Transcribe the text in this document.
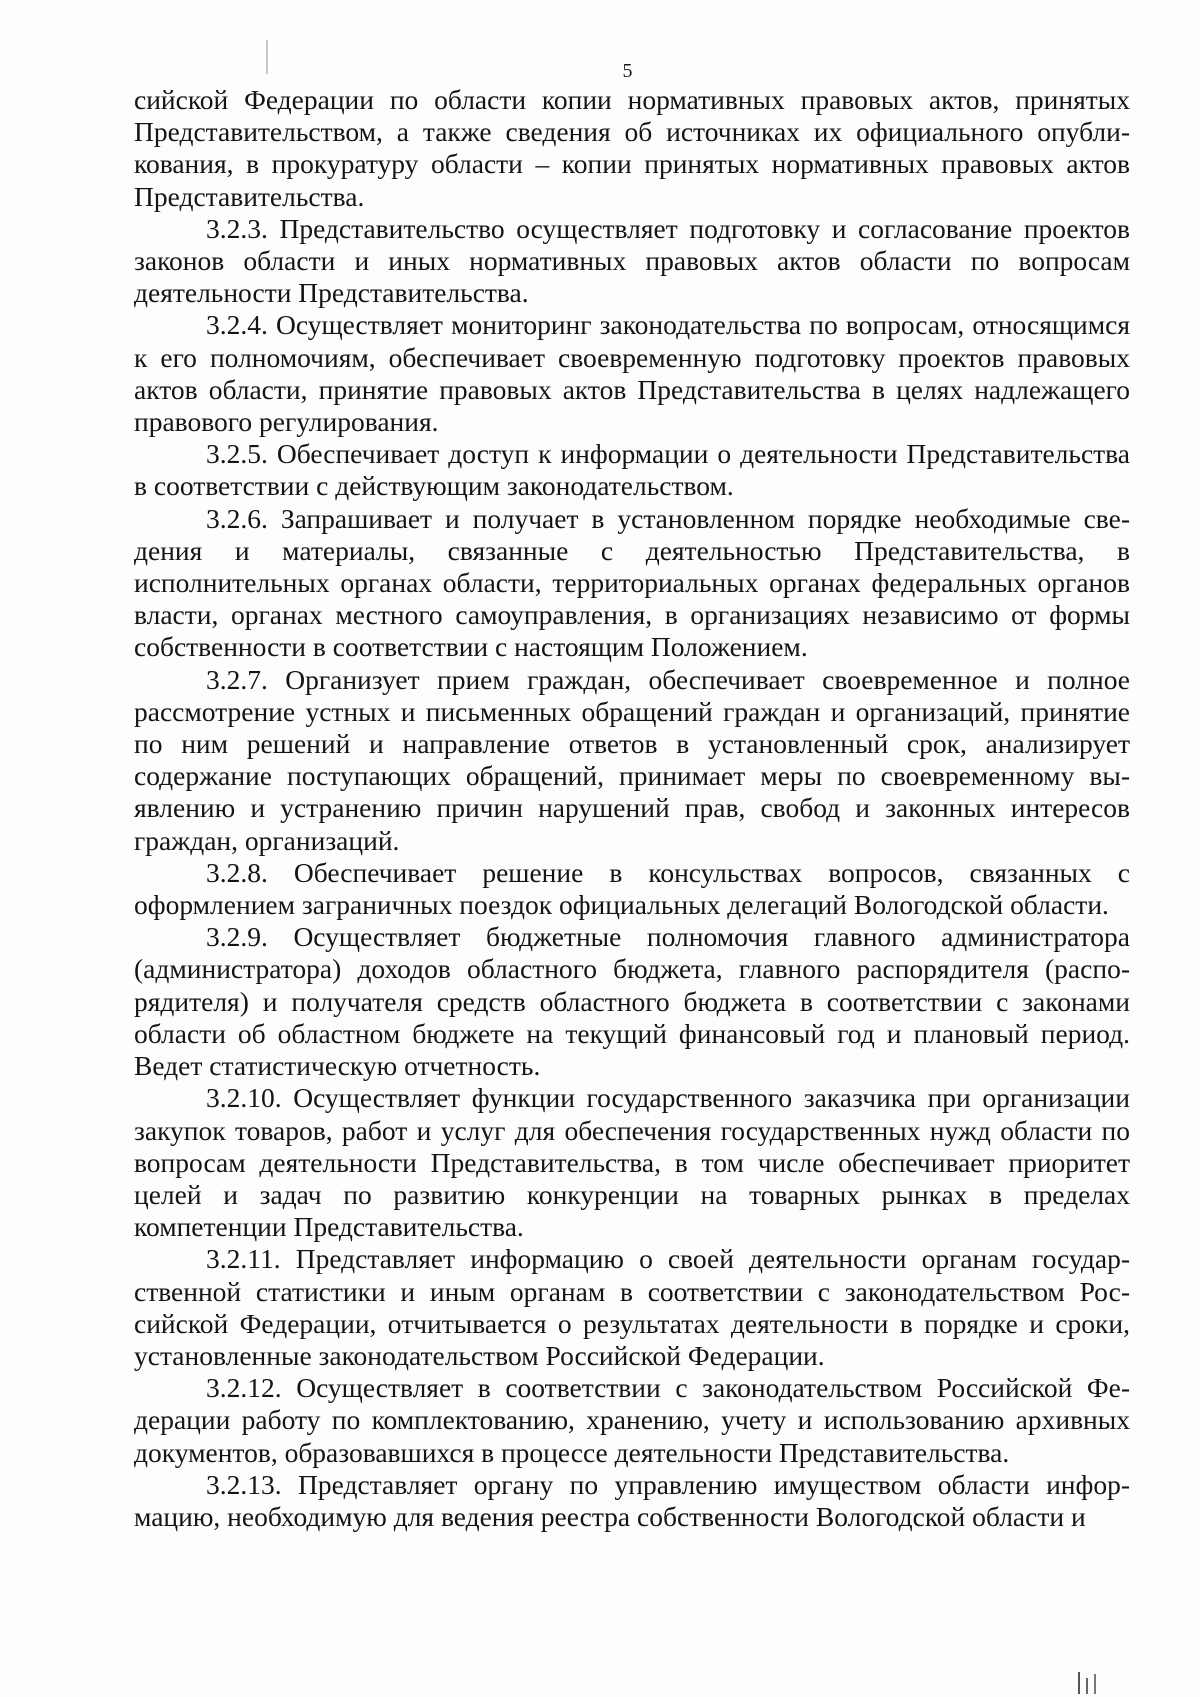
5

сийской Федерации по области копии нормативных правовых актов, принятых Представительством, а также сведения об источниках их официального опубликования, в прокуратуру области – копии принятых нормативных правовых актов Представительства.

3.2.3. Представительство осуществляет подготовку и согласование проектов законов области и иных нормативных правовых актов области по вопросам деятельности Представительства.

3.2.4. Осуществляет мониторинг законодательства по вопросам, относящимся к его полномочиям, обеспечивает своевременную подготовку проектов правовых актов области, принятие правовых актов Представительства в целях надлежащего правового регулирования.

3.2.5. Обеспечивает доступ к информации о деятельности Представительства в соответствии с действующим законодательством.

3.2.6. Запрашивает и получает в установленном порядке необходимые сведения и материалы, связанные с деятельностью Представительства, в исполнительных органах области, территориальных органах федеральных органов власти, органах местного самоуправления, в организациях независимо от формы собственности в соответствии с настоящим Положением.

3.2.7. Организует прием граждан, обеспечивает своевременное и полное рассмотрение устных и письменных обращений граждан и организаций, принятие по ним решений и направление ответов в установленный срок, анализирует содержание поступающих обращений, принимает меры по своевременному выявлению и устранению причин нарушений прав, свобод и законных интересов граждан, организаций.

3.2.8. Обеспечивает решение в консульствах вопросов, связанных с оформлением заграничных поездок официальных делегаций Вологодской области.

3.2.9. Осуществляет бюджетные полномочия главного администратора (администратора) доходов областного бюджета, главного распорядителя (распорядителя) и получателя средств областного бюджета в соответствии с законами области об областном бюджете на текущий финансовый год и плановый период. Ведет статистическую отчетность.

3.2.10. Осуществляет функции государственного заказчика при организации закупок товаров, работ и услуг для обеспечения государственных нужд области по вопросам деятельности Представительства, в том числе обеспечивает приоритет целей и задач по развитию конкуренции на товарных рынках в пределах компетенции Представительства.

3.2.11. Представляет информацию о своей деятельности органам государственной статистики и иным органам в соответствии с законодательством Российской Федерации, отчитывается о результатах деятельности в порядке и сроки, установленные законодательством Российской Федерации.

3.2.12. Осуществляет в соответствии с законодательством Российской Федерации работу по комплектованию, хранению, учету и использованию архивных документов, образовавшихся в процессе деятельности Представительства.

3.2.13. Представляет органу по управлению имуществом области информацию, необходимую для ведения реестра собственности Вологодской области и
